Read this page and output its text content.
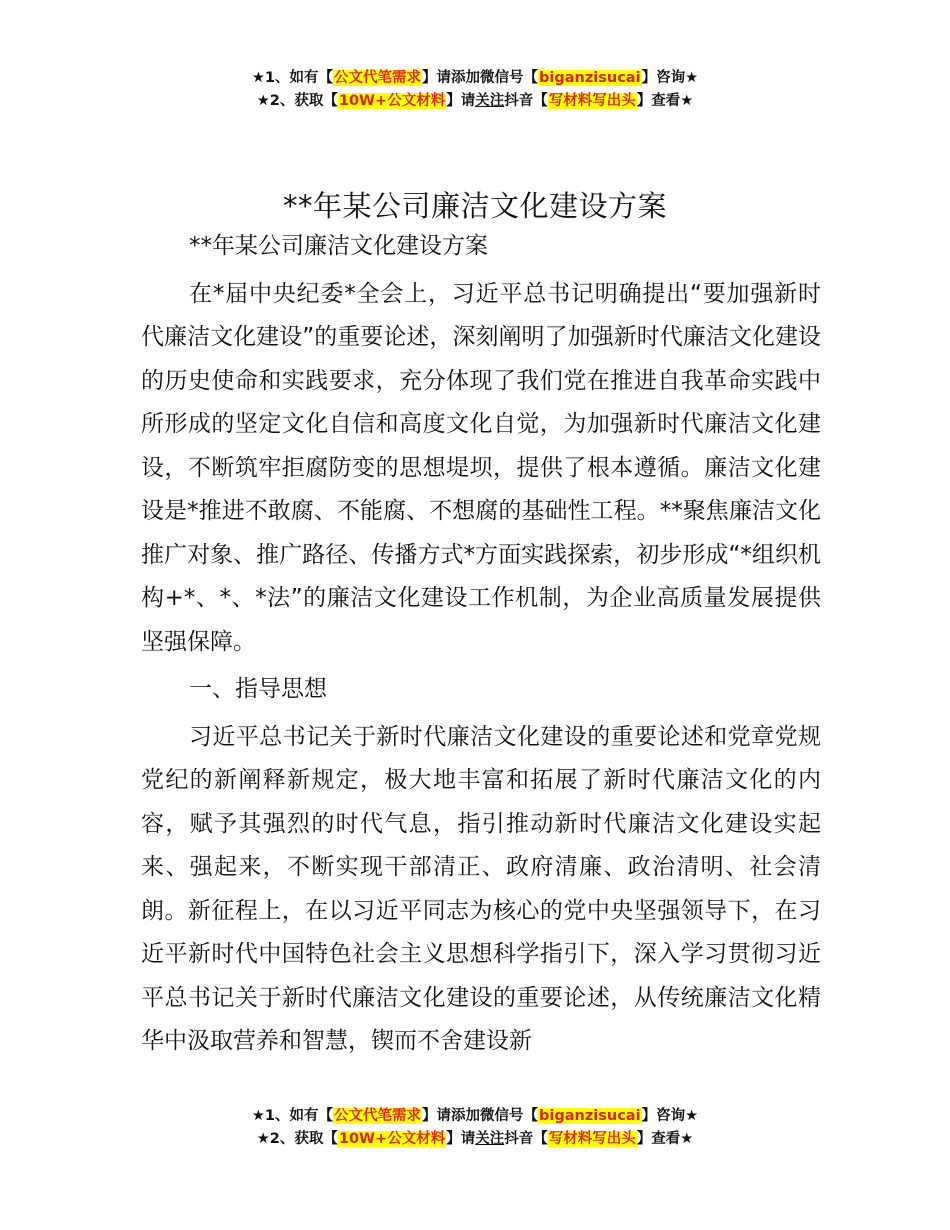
★1、如有【公文代笔需求】请添加微信号【biganzisucai】咨询★
★2、获取【10W+公文材料】请关注抖音【写材料写出头】查看★
**年某公司廉洁文化建设方案

**年某公司廉洁文化建设方案

在*届中央纪委*全会上，习近平总书记明确提出“要加强新时代廉洁文化建设”的重要论述，深刻阐明了加强新时代廉洁文化建设的历史使命和实践要求，充分体现了我们党在推进自我革命实践中所形成的坚定文化自信和高度文化自觉，为加强新时代廉洁文化建设，不断筑牢拒腐防变的思想堤坝，提供了根本遵循。廉洁文化建设是*推进不敢腐、不能腐、不想腐的基础性工程。**聚焦廉洁文化推广对象、推广路径、传播方式*方面实践探索，初步形成“*组织机构+*、*、*法”的廉洁文化建设工作机制，为企业高质量发展提供坚强保障。

一、指导思想

习近平总书记关于新时代廉洁文化建设的重要论述和党章党规党纪的新阐释新规定，极大地丰富和拓展了新时代廉洁文化的内容，赋予其强烈的时代气息，指引推动新时代廉洁文化建设实起来、强起来，不断实现干部清正、政府清廉、政治清明、社会清朗。新征程上，在以习近平同志为核心的党中央坚强领导下，在习近平新时代中国特色社会主义思想科学指引下，深入学习贯彻习近平总书记关于新时代廉洁文化建设的重要论述，从传统廉洁文化精华中汲取营养和智慧，锲而不舍建设新

★1、如有【公文代笔需求】请添加微信号【biganzisucai】咨询★
★2、获取【10W+公文材料】请关注抖音【写材料写出头】查看★
